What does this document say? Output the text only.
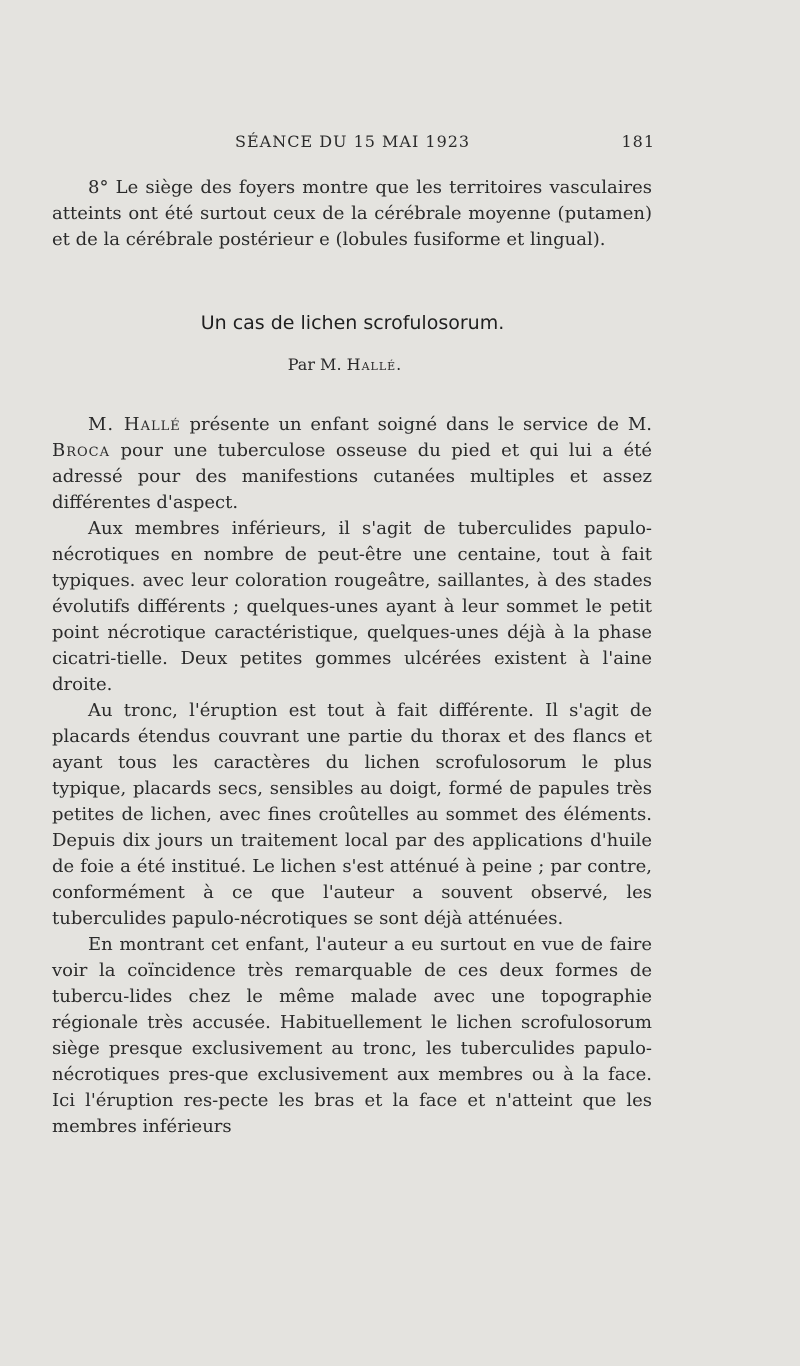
SÉANCE DU 15 MAI 1923	181

8° Le siège des foyers montre que les territoires vasculaires atteints ont été surtout ceux de la cérébrale moyenne (putamen) et de la cérébrale postérieur e (lobules fusiforme et lingual).

Un cas de lichen scrofulosorum.
Par M. Hallé.

M. Hallé présente un enfant soigné dans le service de M. Broca pour une tuberculose osseuse du pied et qui lui a été adressé pour des manifestions cutanées multiples et assez différentes d'aspect.

Aux membres inférieurs, il s'agit de tuberculides papulo-nécrotiques en nombre de peut-être une centaine, tout à fait typiques. avec leur coloration rougeâtre, saillantes, à des stades évolutifs différents ; quelques-unes ayant à leur sommet le petit point nécrotique caractéristique, quelques-unes déjà à la phase cicatri-tielle. Deux petites gommes ulcérées existent à l'aine droite.

Au tronc, l'éruption est tout à fait différente. Il s'agit de placards étendus couvrant une partie du thorax et des flancs et ayant tous les caractères du lichen scrofulosorum le plus typique, placards secs, sensibles au doigt, formé de papules très petites de lichen, avec fines croûtelles au sommet des éléments. Depuis dix jours un traitement local par des applications d'huile de foie a été institué. Le lichen s'est atténué à peine ; par contre, conformément à ce que l'auteur a souvent observé, les tuberculides papulo-nécrotiques se sont déjà atténuées.

En montrant cet enfant, l'auteur a eu surtout en vue de faire voir la coïncidence très remarquable de ces deux formes de tubercu-lides chez le même malade avec une topographie régionale très accusée. Habituellement le lichen scrofulosorum siège presque exclusivement au tronc, les tuberculides papulo-nécrotiques pres-que exclusivement aux membres ou à la face. Ici l'éruption res-pecte les bras et la face et n'atteint que les membres inférieurs
